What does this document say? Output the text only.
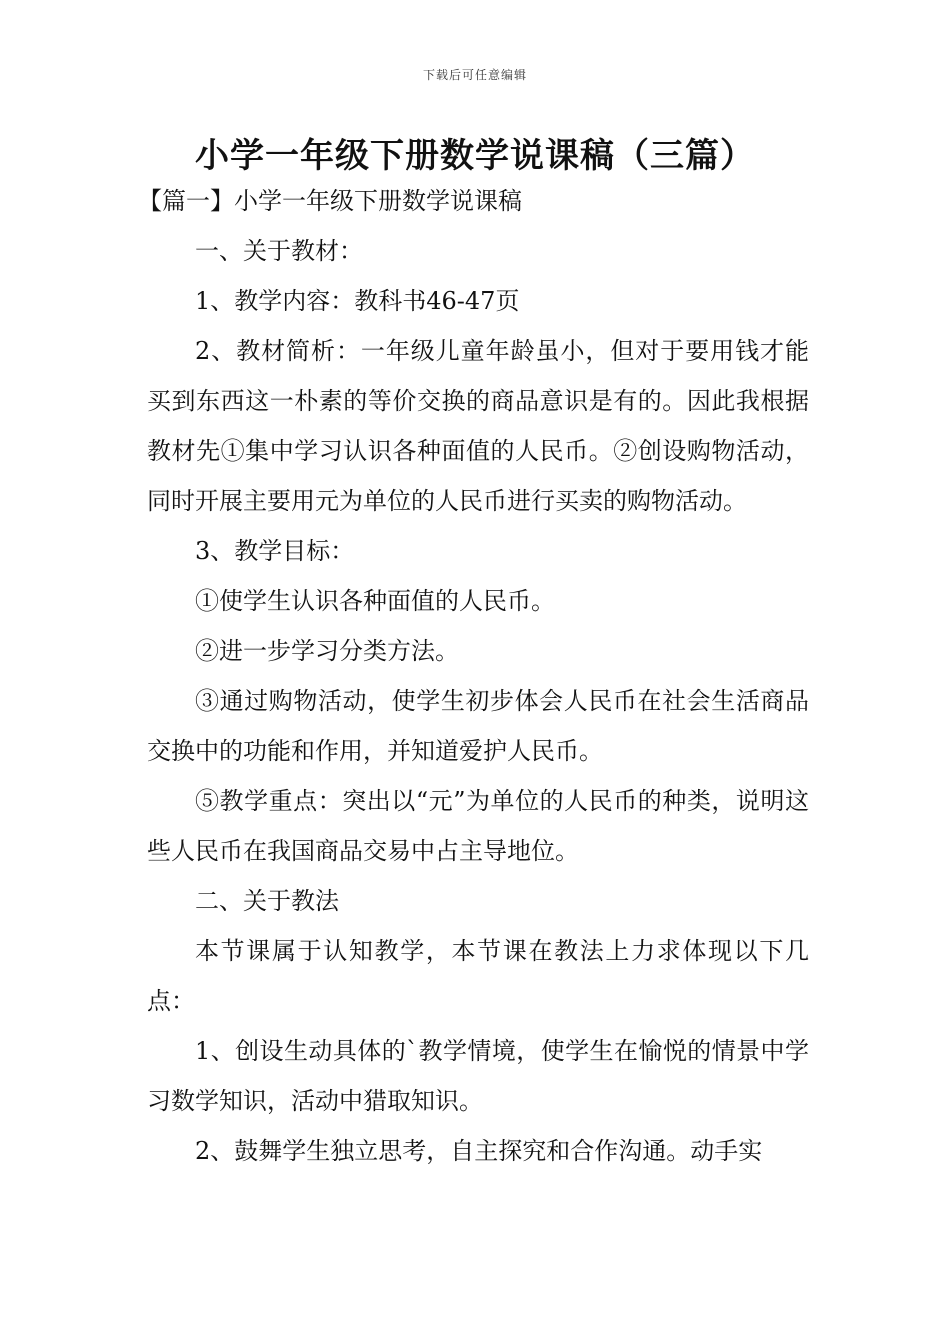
下载后可任意编辑
小学一年级下册数学说课稿（三篇）

【篇一】小学一年级下册数学说课稿

一、关于教材：

1、教学内容：教科书46-47页

2、教材简析：一年级儿童年龄虽小，但对于要用钱才能买到东西这一朴素的等价交换的商品意识是有的。因此我根据教材先①集中学习认识各种面值的人民币。②创设购物活动，同时开展主要用元为单位的人民币进行买卖的购物活动。

3、教学目标：

①使学生认识各种面值的人民币。

②进一步学习分类方法。

③通过购物活动，使学生初步体会人民币在社会生活商品交换中的功能和作用，并知道爱护人民币。

⑤教学重点：突出以“元”为单位的人民币的种类，说明这些人民币在我国商品交易中占主导地位。

二、关于教法

本节课属于认知教学，本节课在教法上力求体现以下几点：

1、创设生动具体的`教学情境，使学生在愉悦的情景中学习数学知识，活动中猎取知识。

2、鼓舞学生独立思考，自主探究和合作沟通。动手实
